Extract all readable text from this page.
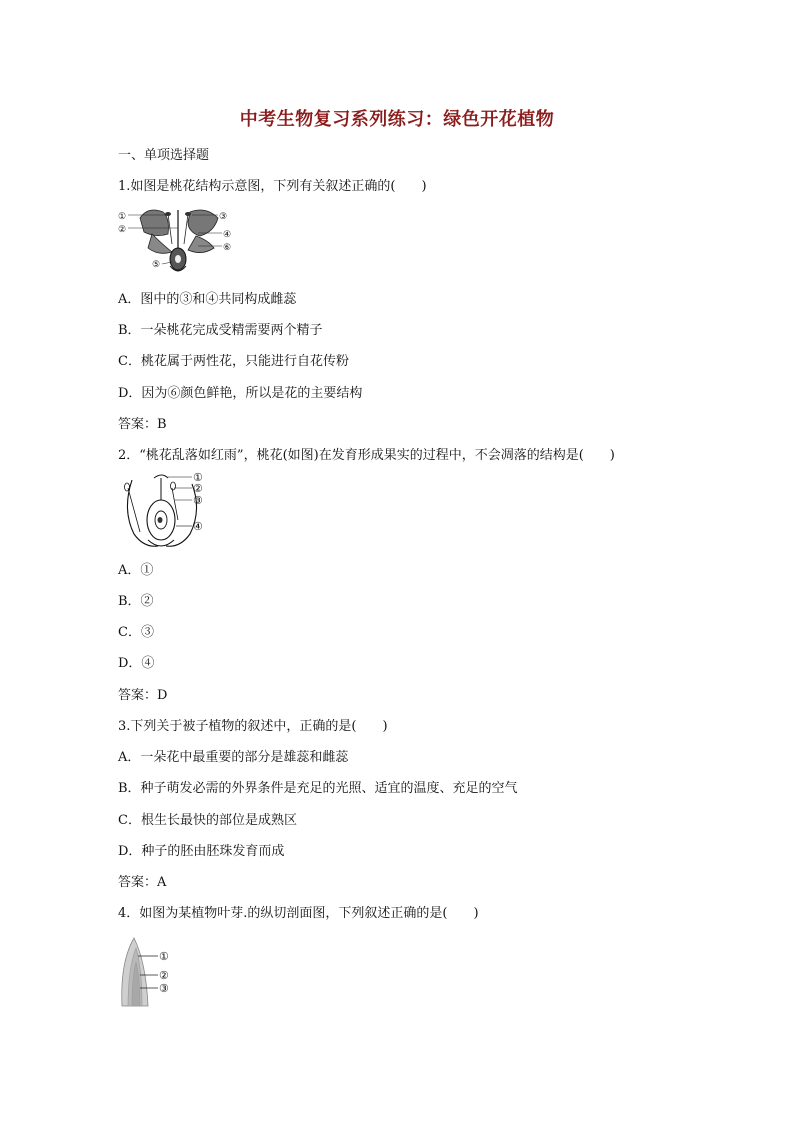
中考生物复习系列练习：绿色开花植物
一、单项选择题
1.如图是桃花结构示意图，下列有关叙述正确的(　　)
①
②
③
④
⑤
⑥
A．图中的③和④共同构成雌蕊
B．一朵桃花完成受精需要两个精子
C．桃花属于两性花，只能进行自花传粉
D．因为⑥颜色鲜艳，所以是花的主要结构
答案：B
2．“桃花乱落如红雨”，桃花(如图)在发育形成果实的过程中，不会凋落的结构是(　　)
①
②
③
④
A．①
B．②
C．③
D．④
答案：D
3.下列关于被子植物的叙述中，正确的是(　　)
A．一朵花中最重要的部分是雄蕊和雌蕊
B．种子萌发必需的外界条件是充足的光照、适宜的温度、充足的空气
C．根生长最快的部位是成熟区
D．种子的胚由胚珠发育而成
答案：A
4．如图为某植物叶芽.的纵切剖面图，下列叙述正确的是(　　)
①
②
③
